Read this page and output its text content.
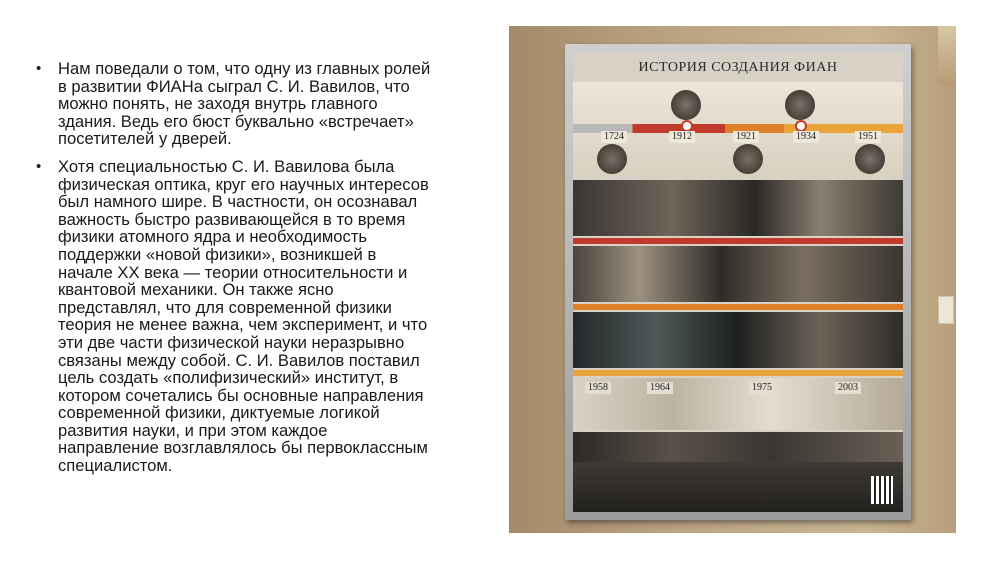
• Нам поведали о том, что одну из главных ролей
в развитии ФИАНа сыграл С. И. Вавилов, что
можно понять, не заходя внутрь главного
здания. Ведь его бюст буквально «встречает»
посетителей у дверей.
• Хотя специальностью С. И. Вавилова была
физическая оптика, круг его научных интересов
был намного шире. В частности, он осознавал
важность быстро развивающейся в то время
физики атомного ядра и необходимость
поддержки «новой физики», возникшей в
начале XX века — теории относительности и
квантовой механики. Он также ясно
представлял, что для современной физики
теория не менее важна, чем эксперимент, и что
эти две части физической науки неразрывно
связаны между собой. С. И. Вавилов поставил
цель создать «полифизический» институт, в
котором сочетались бы основные направления
современной физики, диктуемые логикой
развития науки, и при этом каждое
направление возглавлялось бы первоклассным
специалистом.
ИСТОРИЯ СОЗДАНИЯ ФИАН
1724	1912	1921	1934	1951
1958	1964	1975	2003
